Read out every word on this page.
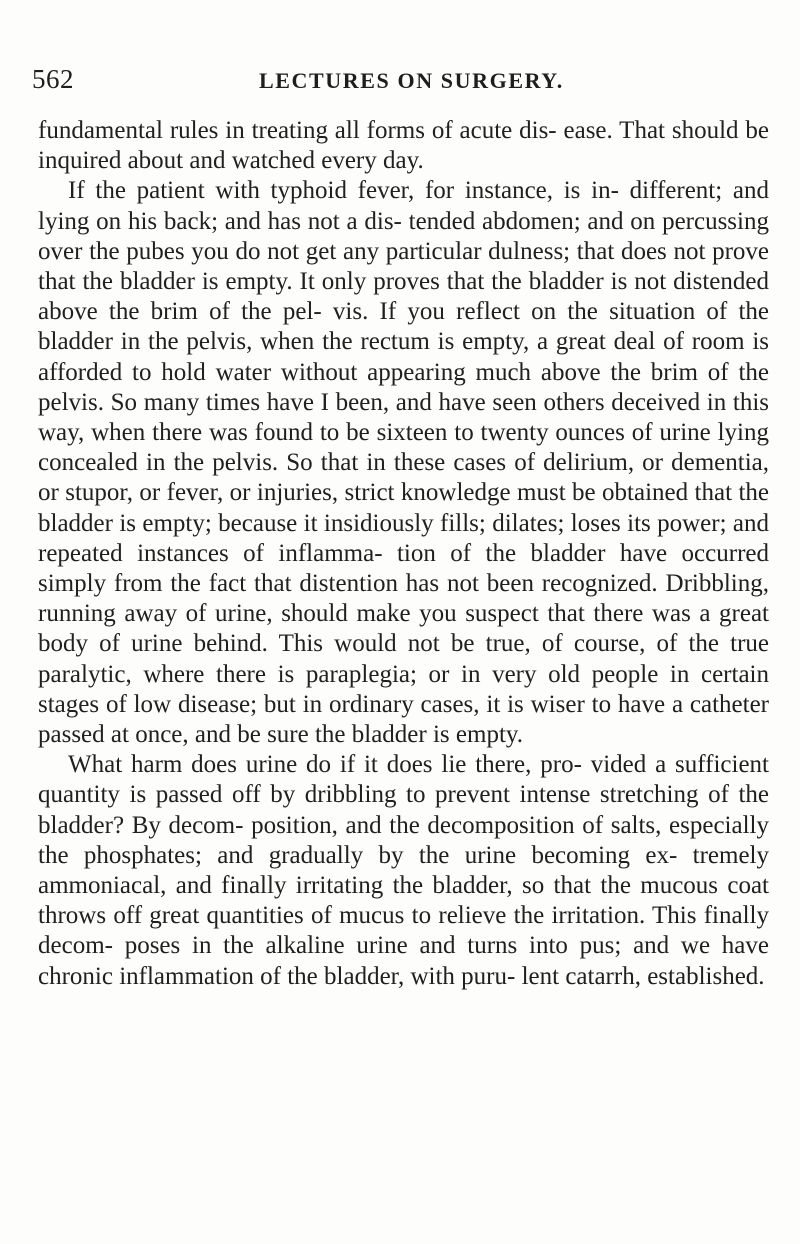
562	LECTURES ON SURGERY.

fundamental rules in treating all forms of acute dis- ease. That should be inquired about and watched every day.

If the patient with typhoid fever, for instance, is in- different; and lying on his back; and has not a dis- tended abdomen; and on percussing over the pubes you do not get any particular dulness; that does not prove that the bladder is empty. It only proves that the bladder is not distended above the brim of the pel- vis. If you reflect on the situation of the bladder in the pelvis, when the rectum is empty, a great deal of room is afforded to hold water without appearing much above the brim of the pelvis. So many times have I been, and have seen others deceived in this way, when there was found to be sixteen to twenty ounces of urine lying concealed in the pelvis. So that in these cases of delirium, or dementia, or stupor, or fever, or injuries, strict knowledge must be obtained that the bladder is empty; because it insidiously fills; dilates; loses its power; and repeated instances of inflamma- tion of the bladder have occurred simply from the fact that distention has not been recognized. Dribbling, running away of urine, should make you suspect that there was a great body of urine behind. This would not be true, of course, of the true paralytic, where there is paraplegia; or in very old people in certain stages of low disease; but in ordinary cases, it is wiser to have a catheter passed at once, and be sure the bladder is empty.

What harm does urine do if it does lie there, pro- vided a sufficient quantity is passed off by dribbling to prevent intense stretching of the bladder? By decom- position, and the decomposition of salts, especially the phosphates; and gradually by the urine becoming ex- tremely ammoniacal, and finally irritating the bladder, so that the mucous coat throws off great quantities of mucus to relieve the irritation. This finally decom- poses in the alkaline urine and turns into pus; and we have chronic inflammation of the bladder, with puru- lent catarrh, established.
